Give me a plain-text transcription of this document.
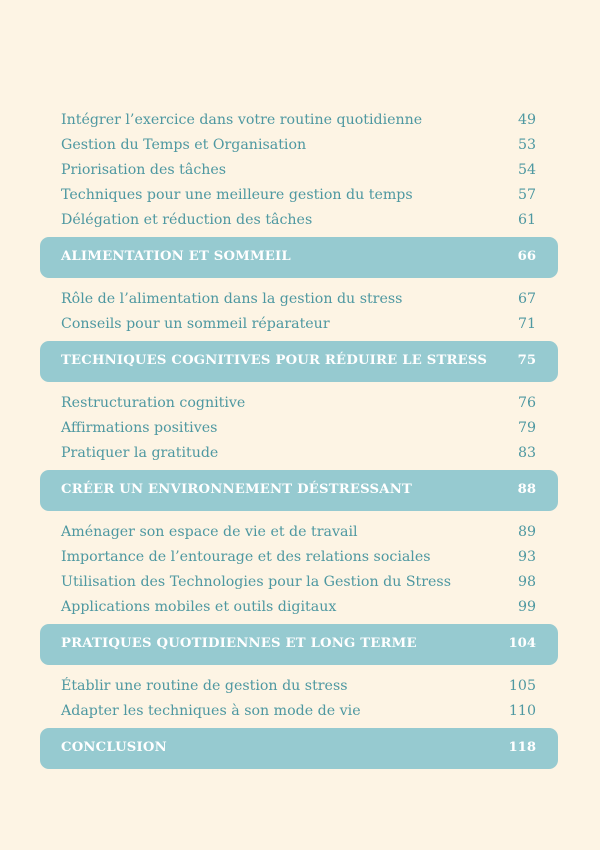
Intégrer l’exercice dans votre routine quotidienne	49
Gestion du Temps et Organisation	53
Priorisation des tâches	54
Techniques pour une meilleure gestion du temps	57
Délégation et réduction des tâches	61
ALIMENTATION ET SOMMEIL	66
Rôle de l’alimentation dans la gestion du stress	67
Conseils pour un sommeil réparateur	71
TECHNIQUES COGNITIVES POUR RÉDUIRE LE STRESS 75
Restructuration cognitive	76
Affirmations positives	79
Pratiquer la gratitude	83
CRÉER UN ENVIRONNEMENT DÉSTRESSANT	88
Aménager son espace de vie et de travail	89
Importance de l’entourage et des relations sociales	93
Utilisation des Technologies pour la Gestion du Stress	98
Applications mobiles et outils digitaux	99
PRATIQUES QUOTIDIENNES ET LONG TERME	104
Établir une routine de gestion du stress	105
Adapter les techniques à son mode de vie	110
CONCLUSION	118
